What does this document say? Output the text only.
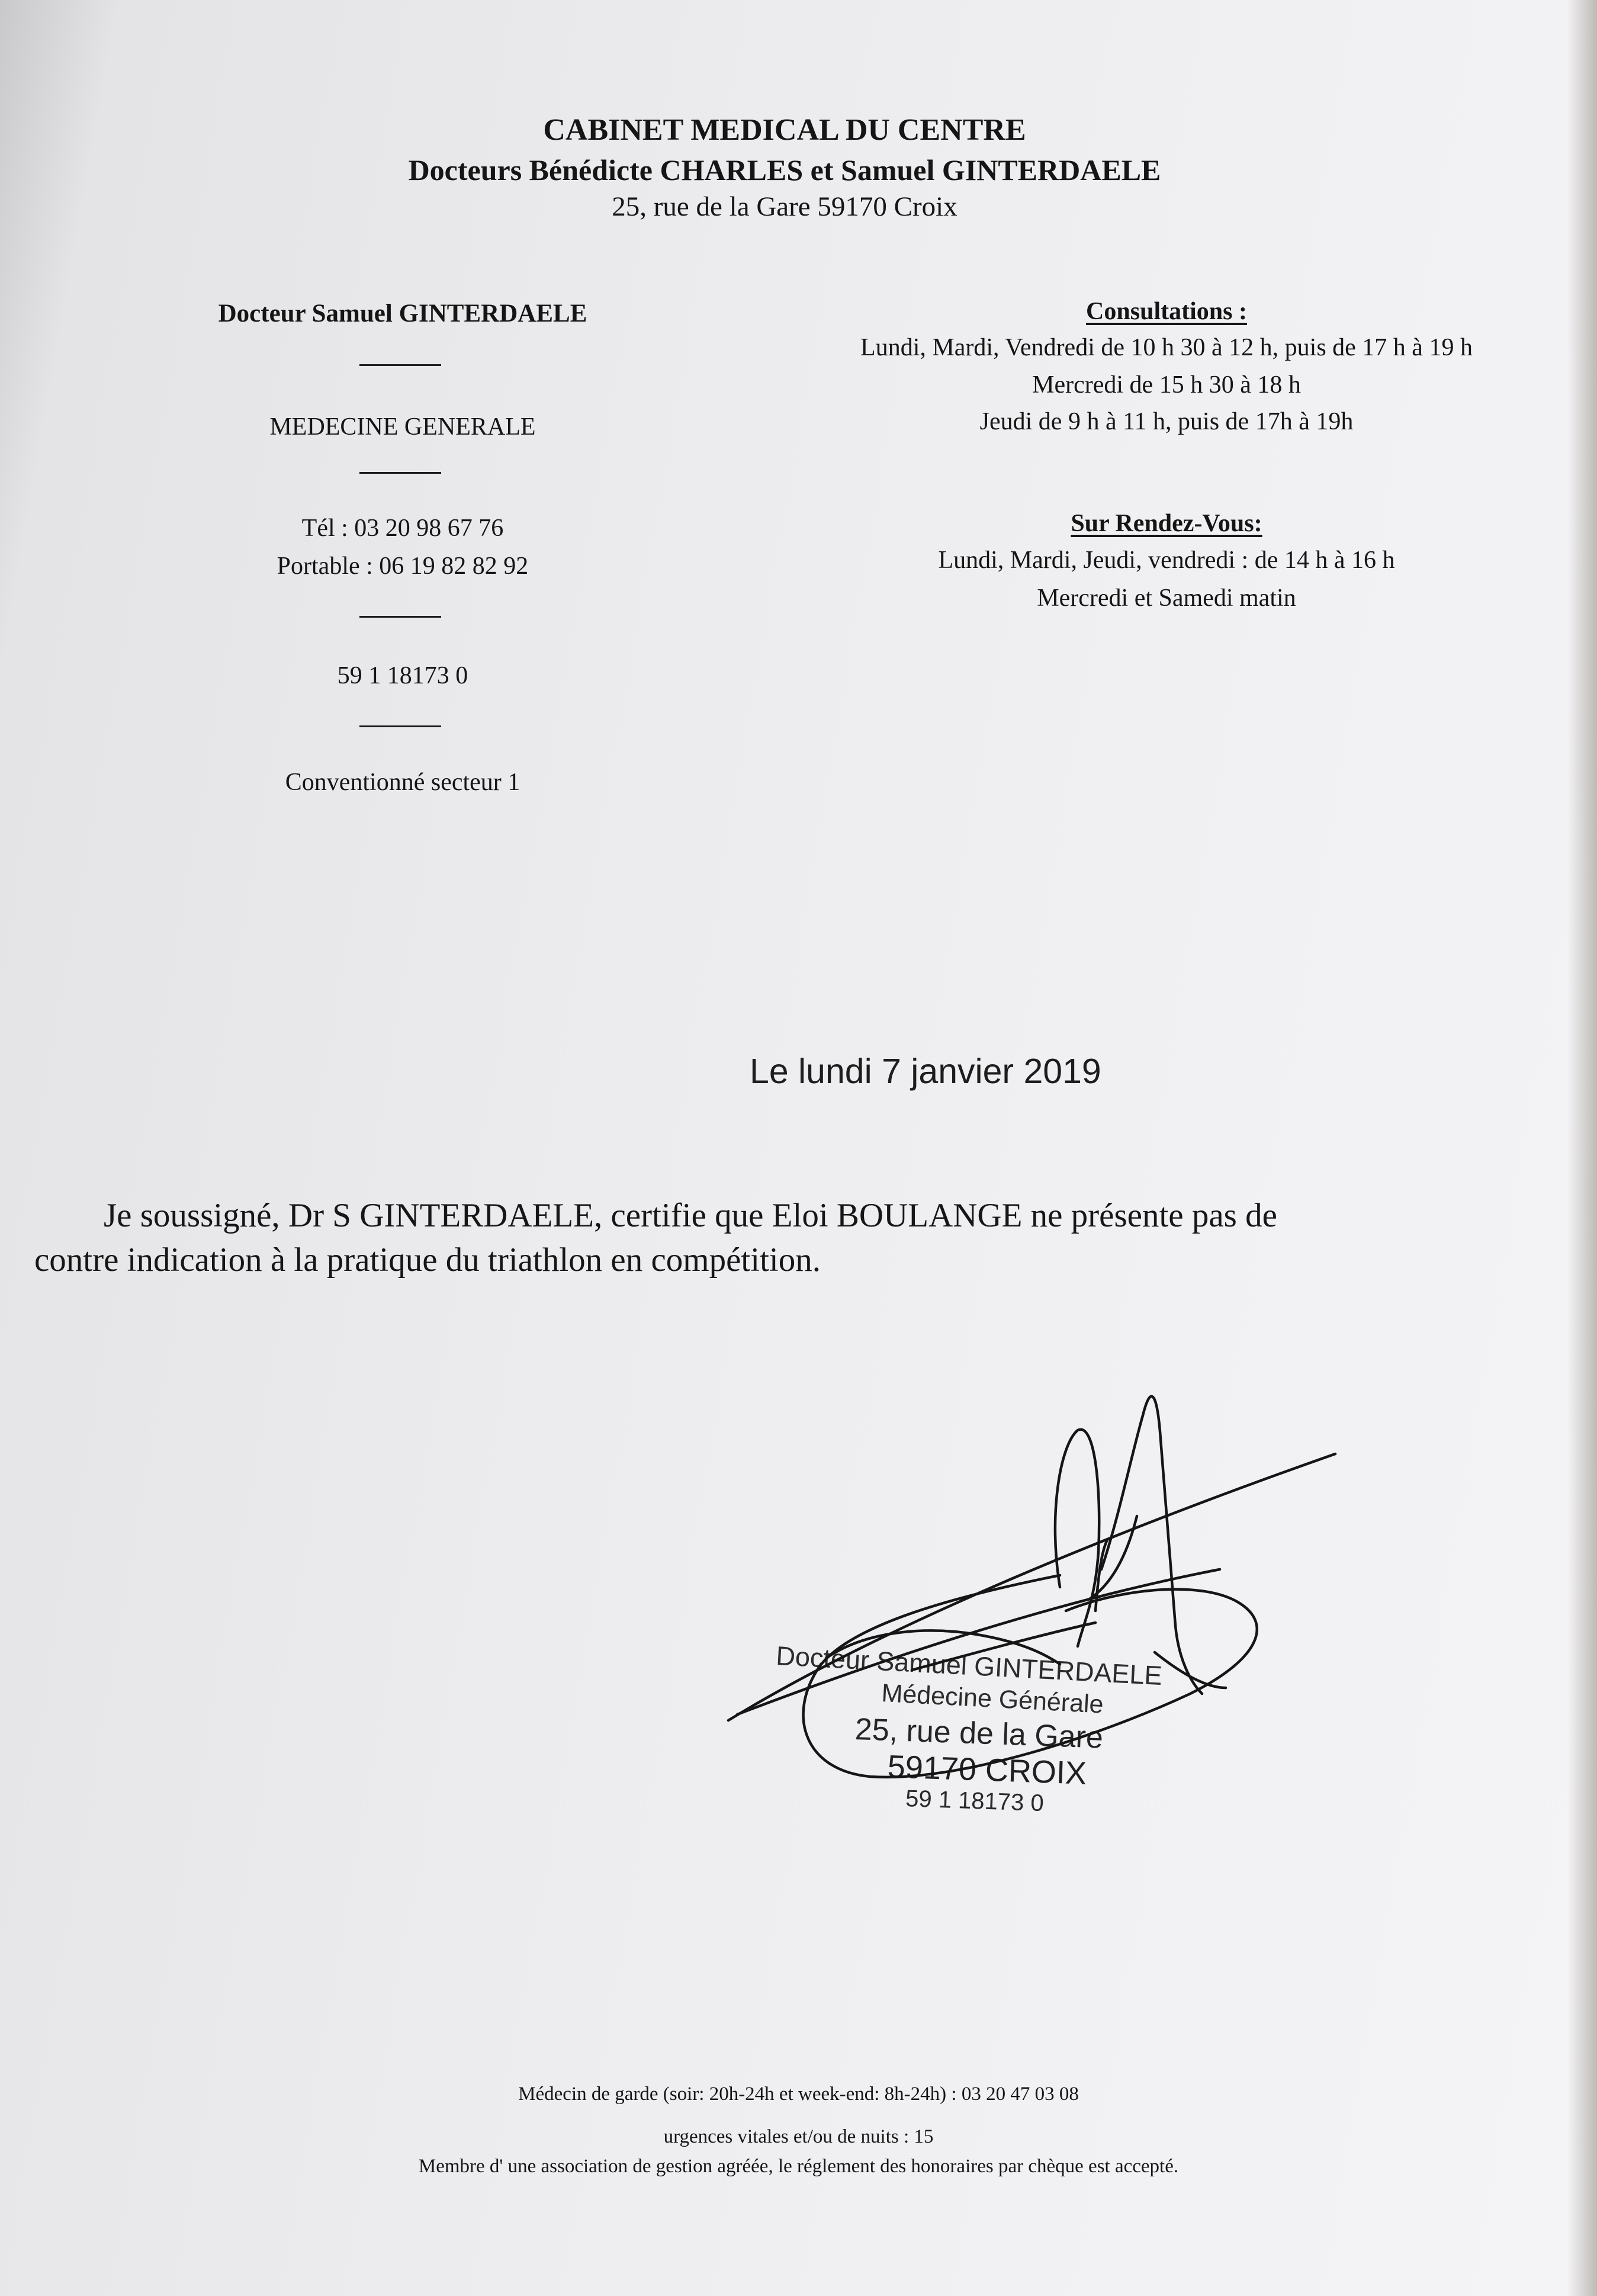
CABINET MEDICAL DU CENTRE
Docteurs Bénédicte CHARLES et Samuel GINTERDAELE
25, rue de la Gare 59170 Croix
Docteur Samuel GINTERDAELE
MEDECINE GENERALE
Tél : 03 20 98 67 76
Portable : 06 19 82 82 92
59 1 18173 0
Conventionné secteur 1
Consultations :
Lundi, Mardi, Vendredi de 10 h 30 à 12 h, puis de 17 h à 19 h
Mercredi de 15 h 30 à 18 h
Jeudi de 9 h à 11 h, puis de 17h à 19h
Sur Rendez-Vous:
Lundi, Mardi, Jeudi, vendredi : de 14 h à 16 h
Mercredi et Samedi matin
Le lundi 7 janvier 2019
Je soussigné, Dr S GINTERDAELE, certifie que Eloi BOULANGE ne présente pas de
contre indication à la pratique du triathlon en compétition.
Docteur Samuel GINTERDAELE
Médecine Générale
25, rue de la Gare
59170 CROIX
59 1 18173 0
Médecin de garde (soir: 20h-24h et week-end: 8h-24h) : 03 20 47 03 08
urgences vitales et/ou de nuits : 15
Membre d' une association de gestion agréée, le réglement des honoraires par chèque est accepté.
